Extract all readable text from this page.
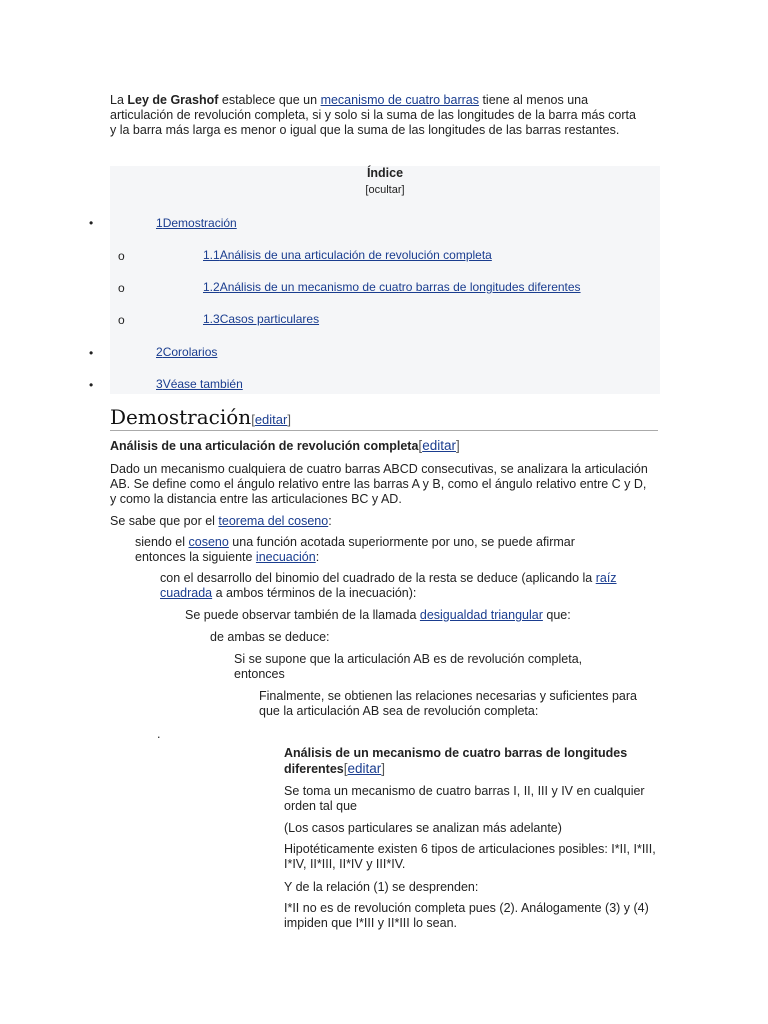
La Ley de Grashof establece que un mecanismo de cuatro barras tiene al menos una articulación de revolución completa, si y solo si la suma de las longitudes de la barra más corta y la barra más larga es menor o igual que la suma de las longitudes de las barras restantes.

Índice
[ocultar]
•	1Demostración
o	1.1Análisis de una articulación de revolución completa
o	1.2Análisis de un mecanismo de cuatro barras de longitudes diferentes
o	1.3Casos particulares
•	2Corolarios
•	3Véase también
Demostración[editar]
Análisis de una articulación de revolución completa[editar]

Dado un mecanismo cualquiera de cuatro barras ABCD consecutivas, se analizara la articulación AB. Se define como el ángulo relativo entre las barras A y B, como el ángulo relativo entre C y D, y como la distancia entre las articulaciones BC y AD.

Se sabe que por el teorema del coseno:

siendo el coseno una función acotada superiormente por uno, se puede afirmar entonces la siguiente inecuación:

con el desarrollo del binomio del cuadrado de la resta se deduce (aplicando la raíz cuadrada a ambos términos de la inecuación):

Se puede observar también de la llamada desigualdad triangular que:

de ambas se deduce:

Si se supone que la articulación AB es de revolución completa, entonces

Finalmente, se obtienen las relaciones necesarias y suficientes para que la articulación AB sea de revolución completa:

.

Análisis de un mecanismo de cuatro barras de longitudes diferentes[editar]

Se toma un mecanismo de cuatro barras I, II, III y IV en cualquier orden tal que

(Los casos particulares se analizan más adelante)

Hipotéticamente existen 6 tipos de articulaciones posibles: I*II, I*III, I*IV, II*III, II*IV y III*IV.

Y de la relación (1) se desprenden:

I*II no es de revolución completa pues (2). Análogamente (3) y (4) impiden que I*III y II*III lo sean.
